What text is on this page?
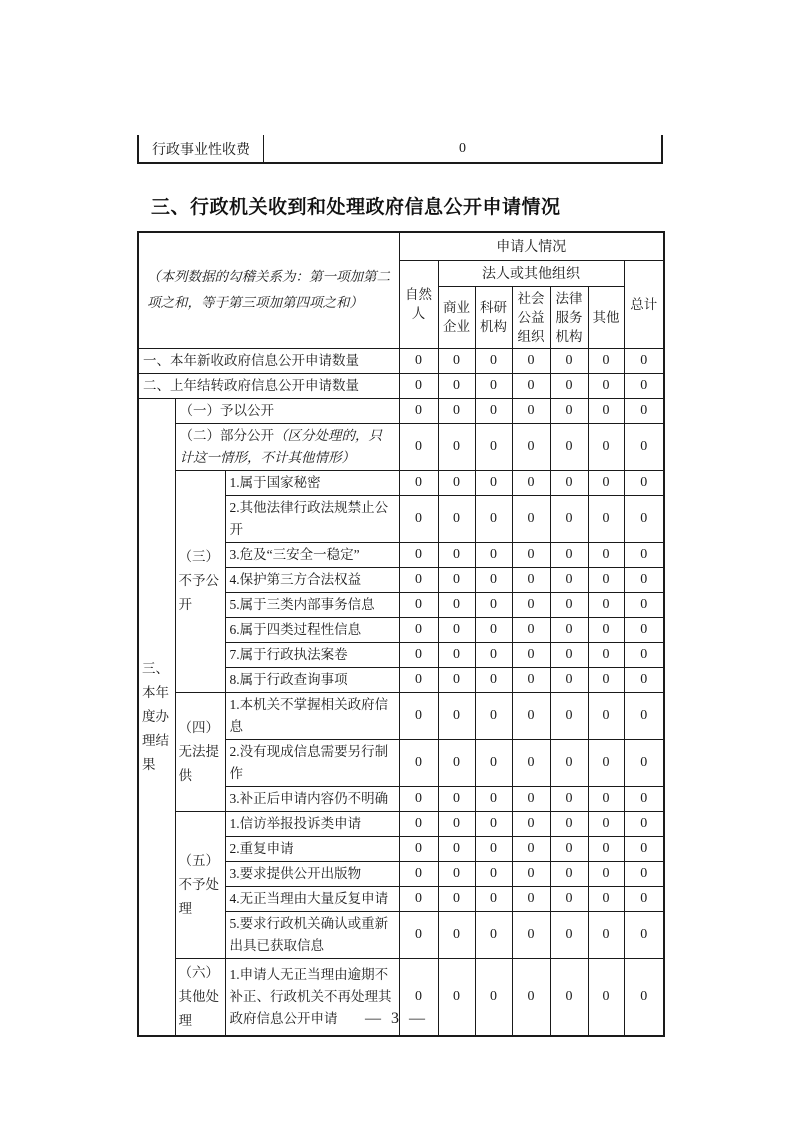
行政事业性收费	0
三、行政机关收到和处理政府信息公开申请情况
（本列数据的勾稽关系为：第一项加第二项之和，等于第三项加第四项之和）			申请人情况						
			自然人	法人或其他组织					总计
				商业企业	科研机构	社会公益组织	法律服务机构	其他	
一、本年新收政府信息公开申请数量			0	0	0	0	0	0	0
二、上年结转政府信息公开申请数量			0	0	0	0	0	0	0
三、本年度办理结果	（一）予以公开		0	0	0	0	0	0	0
	（二）部分公开（区分处理的，只计这一情形，不计其他情形）		0	0	0	0	0	0	0
	（三）不予公开	1.属于国家秘密	0	0	0	0	0	0	0
		2.其他法律行政法规禁止公开	0	0	0	0	0	0	0
		3.危及“三安全一稳定”	0	0	0	0	0	0	0
		4.保护第三方合法权益	0	0	0	0	0	0	0
		5.属于三类内部事务信息	0	0	0	0	0	0	0
		6.属于四类过程性信息	0	0	0	0	0	0	0
		7.属于行政执法案卷	0	0	0	0	0	0	0
		8.属于行政查询事项	0	0	0	0	0	0	0
	（四）无法提供	1.本机关不掌握相关政府信息	0	0	0	0	0	0	0
		2.没有现成信息需要另行制作	0	0	0	0	0	0	0
		3.补正后申请内容仍不明确	0	0	0	0	0	0	0
	（五）不予处理	1.信访举报投诉类申请	0	0	0	0	0	0	0
		2.重复申请	0	0	0	0	0	0	0
		3.要求提供公开出版物	0	0	0	0	0	0	0
		4.无正当理由大量反复申请	0	0	0	0	0	0	0
		5.要求行政机关确认或重新出具已获取信息	0	0	0	0	0	0	0
	（六）其他处理	1.申请人无正当理由逾期不补正、行政机关不再处理其政府信息公开申请	0	0	0	0	0	0	0
— 3 —
